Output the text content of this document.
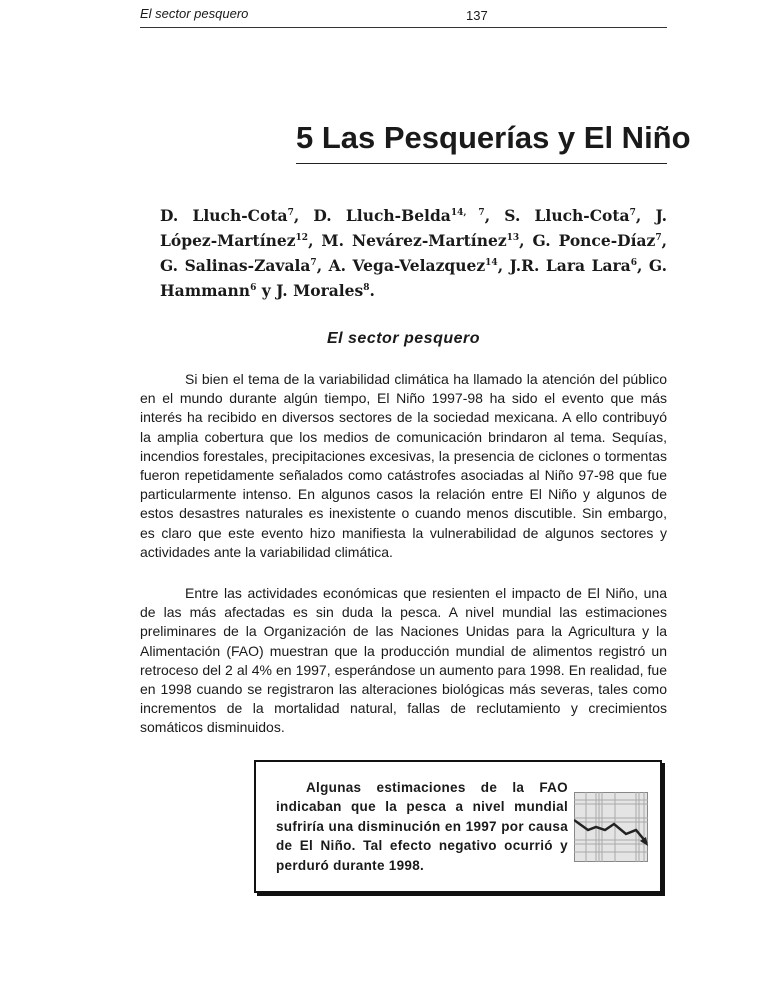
El sector pesquero	137
5 Las Pesquerías y El Niño
D. Lluch-Cota$^7$, D. Lluch-Belda$^{14, 7}$, S. Lluch-Cota$^7$, J. López-Martínez$^{12}$, M. Nevárez-Martínez$^{13}$, G. Ponce-Díaz$^7$, G. Salinas-Zavala$^7$, A. Vega-Velazquez$^{14}$, J.R. Lara Lara$^6$, G. Hammann$^6$ y J. Morales$^8$.
El sector pesquero

Si bien el tema de la variabilidad climática ha llamado la atención del público en el mundo durante algún tiempo, El Niño 1997-98 ha sido el evento que más interés ha recibido en diversos sectores de la sociedad mexicana. A ello contribuyó la amplia cobertura que los medios de comunicación brindaron al tema. Sequías, incendios forestales, precipitaciones excesivas, la presencia de ciclones o tormentas fueron repetidamente señalados como catástrofes asociadas al Niño 97-98 que fue particularmente intenso. En algunos casos la relación entre El Niño y algunos de estos desastres naturales es inexistente o cuando menos discutible. Sin embargo, es claro que este evento hizo manifiesta la vulnerabilidad de algunos sectores y actividades ante la variabilidad climática.

Entre las actividades económicas que resienten el impacto de El Niño, una de las más afectadas es sin duda la pesca. A nivel mundial las estimaciones preliminares de la Organización de las Naciones Unidas para la Agricultura y la Alimentación (FAO) muestran que la producción mundial de alimentos registró un retroceso del 2 al 4% en 1997, esperándose un aumento para 1998. En realidad, fue en 1998 cuando se registraron las alteraciones biológicas más severas, tales como incrementos de la mortalidad natural, fallas de reclutamiento y crecimientos somáticos disminuidos.

Algunas estimaciones de la FAO indicaban que la pesca a nivel mundial sufriría una disminución en 1997 por causa de El Niño. Tal efecto negativo ocurrió y perduró durante 1998.
